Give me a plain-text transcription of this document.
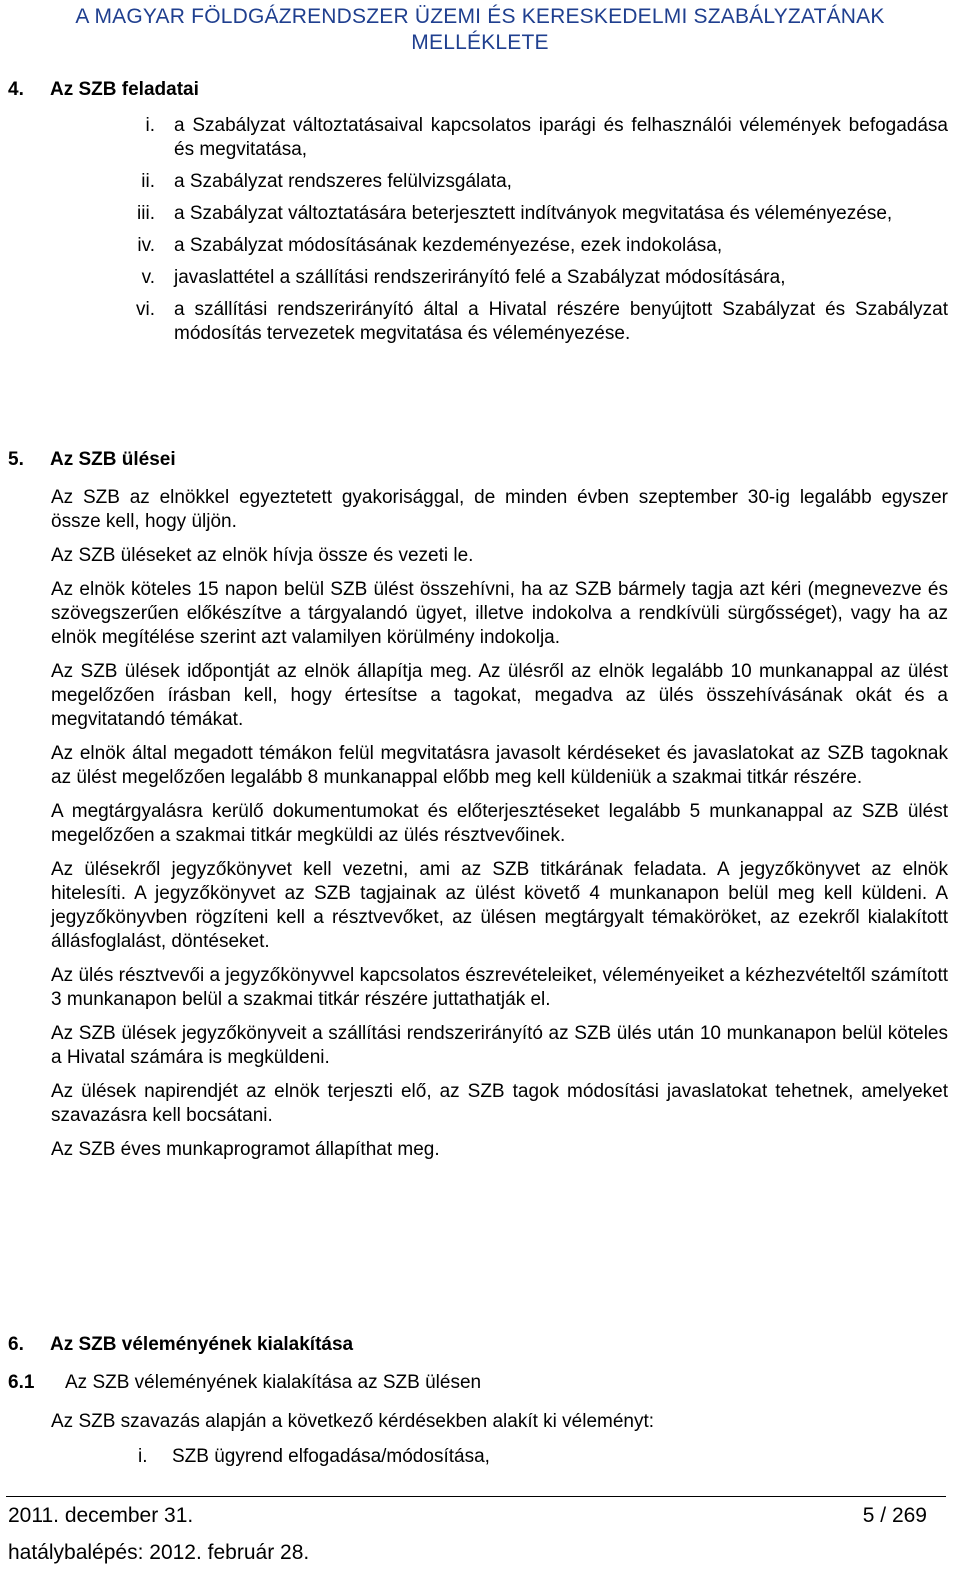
A MAGYAR FÖLDGÁZRENDSZER ÜZEMI ÉS KERESKEDELMI SZABÁLYZATÁNAK MELLÉKLETE
4. Az SZB feladatai
i. a Szabályzat változtatásaival kapcsolatos iparági és felhasználói vélemények befogadása és megvitatása,
ii. a Szabályzat rendszeres felülvizsgálata,
iii. a Szabályzat változtatására beterjesztett indítványok megvitatása és véleményezése,
iv. a Szabályzat módosításának kezdeményezése, ezek indokolása,
v. javaslattétel a szállítási rendszerirányító felé a Szabályzat módosítására,
vi. a szállítási rendszerirányító által a Hivatal részére benyújtott Szabályzat és Szabályzat módosítás tervezetek megvitatása és véleményezése.
5. Az SZB ülései

Az SZB az elnökkel egyeztetett gyakorisággal, de minden évben szeptember 30-ig legalább egyszer össze kell, hogy üljön.

Az SZB üléseket az elnök hívja össze és vezeti le.

Az elnök köteles 15 napon belül SZB ülést összehívni, ha az SZB bármely tagja azt kéri (megnevezve és szövegszerűen előkészítve a tárgyalandó ügyet, illetve indokolva a rendkívüli sürgősséget), vagy ha az elnök megítélése szerint azt valamilyen körülmény indokolja.

Az SZB ülések időpontját az elnök állapítja meg. Az ülésről az elnök legalább 10 munkanappal az ülést megelőzően írásban kell, hogy értesítse a tagokat, megadva az ülés összehívásának okát és a megvitatandó témákat.

Az elnök által megadott témákon felül megvitatásra javasolt kérdéseket és javaslatokat az SZB tagoknak az ülést megelőzően legalább 8 munkanappal előbb meg kell küldeniük a szakmai titkár részére.

A megtárgyalásra kerülő dokumentumokat és előterjesztéseket legalább 5 munkanappal az SZB ülést megelőzően a szakmai titkár megküldi az ülés résztvevőinek.

Az ülésekről jegyzőkönyvet kell vezetni, ami az SZB titkárának feladata. A jegyzőkönyvet az elnök hitelesíti. A jegyzőkönyvet az SZB tagjainak az ülést követő 4 munkanapon belül meg kell küldeni. A jegyzőkönyvben rögzíteni kell a résztvevőket, az ülésen megtárgyalt témaköröket, az ezekről kialakított állásfoglalást, döntéseket.

Az ülés résztvevői a jegyzőkönyvvel kapcsolatos észrevételeiket, véleményeiket a kézhezvételtől számított 3 munkanapon belül a szakmai titkár részére juttathatják el.

Az SZB ülések jegyzőkönyveit a szállítási rendszerirányító az SZB ülés után 10 munkanapon belül köteles a Hivatal számára is megküldeni.

Az ülések napirendjét az elnök terjeszti elő, az SZB tagok módosítási javaslatokat tehetnek, amelyeket szavazásra kell bocsátani.

Az SZB éves munkaprogramot állapíthat meg.

6. Az SZB véleményének kialakítása
6.1 Az SZB véleményének kialakítása az SZB ülésen
Az SZB szavazás alapján a következő kérdésekben alakít ki véleményt:
i. SZB ügyrend elfogadása/módosítása,
2011. december 31.	5 / 269
hatálybalépés: 2012. február 28.
